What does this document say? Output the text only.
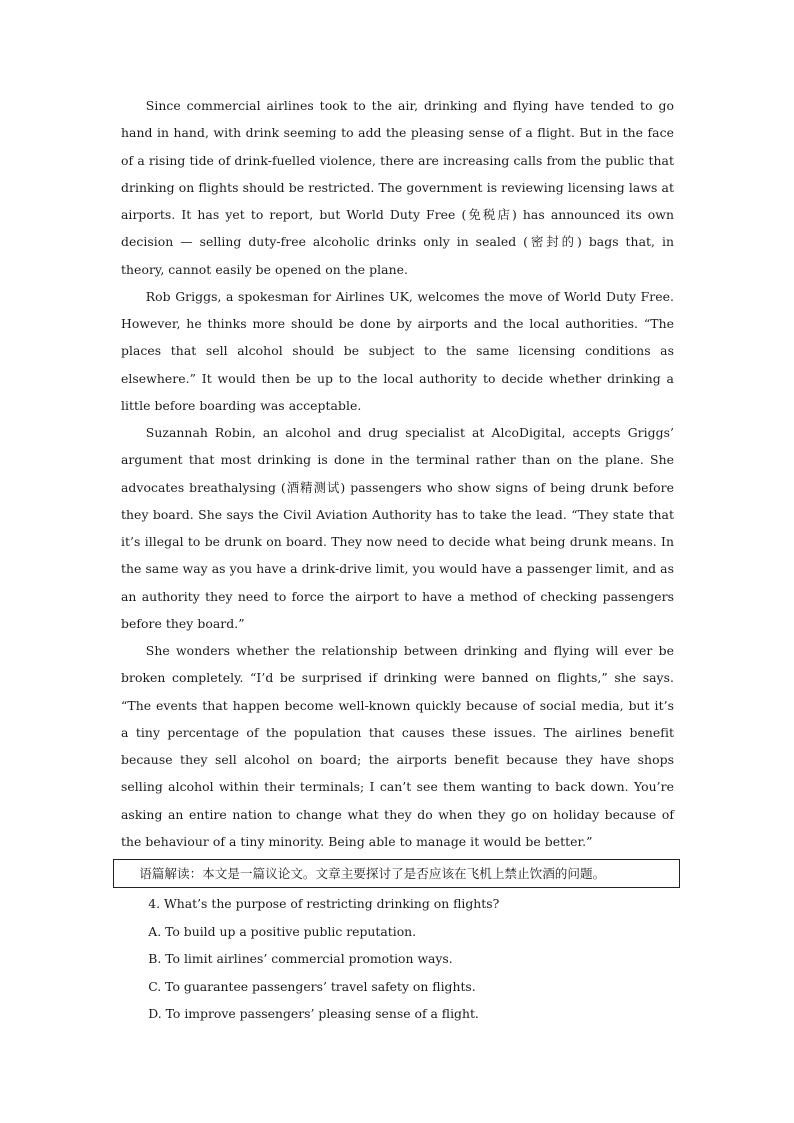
Since commercial airlines took to the air, drinking and flying have tended to go hand in hand, with drink seeming to add the pleasing sense of a flight. But in the face of a rising tide of drink-fuelled violence, there are increasing calls from the public that drinking on flights should be restricted. The government is reviewing licensing laws at airports. It has yet to report, but World Duty Free (免税店) has announced its own decision — selling duty-free alcoholic drinks only in sealed (密封的) bags that, in theory, cannot easily be opened on the plane.

Rob Griggs, a spokesman for Airlines UK, welcomes the move of World Duty Free. However, he thinks more should be done by airports and the local authorities. “The places that sell alcohol should be subject to the same licensing conditions as elsewhere.” It would then be up to the local authority to decide whether drinking a little before boarding was acceptable.

Suzannah Robin, an alcohol and drug specialist at AlcoDigital, accepts Griggs’ argument that most drinking is done in the terminal rather than on the plane. She advocates breathalysing (酒精测试) passengers who show signs of being drunk before they board. She says the Civil Aviation Authority has to take the lead. “They state that it’s illegal to be drunk on board. They now need to decide what being drunk means. In the same way as you have a drink-drive limit, you would have a passenger limit, and as an authority they need to force the airport to have a method of checking passengers before they board.”

She wonders whether the relationship between drinking and flying will ever be broken completely. “I’d be surprised if drinking were banned on flights,” she says. “The events that happen become well-known quickly because of social media, but it’s a tiny percentage of the population that causes these issues. The airlines benefit because they sell alcohol on board; the airports benefit because they have shops selling alcohol within their terminals; I can’t see them wanting to back down. You’re asking an entire nation to change what they do when they go on holiday because of the behaviour of a tiny minority. Being able to manage it would be better.”

语篇解读：本文是一篇议论文。文章主要探讨了是否应该在飞机上禁止饮酒的问题。

4. What’s the purpose of restricting drinking on flights?

A. To build up a positive public reputation.

B. To limit airlines’ commercial promotion ways.

C. To guarantee passengers’ travel safety on flights.

D. To improve passengers’ pleasing sense of a flight.
